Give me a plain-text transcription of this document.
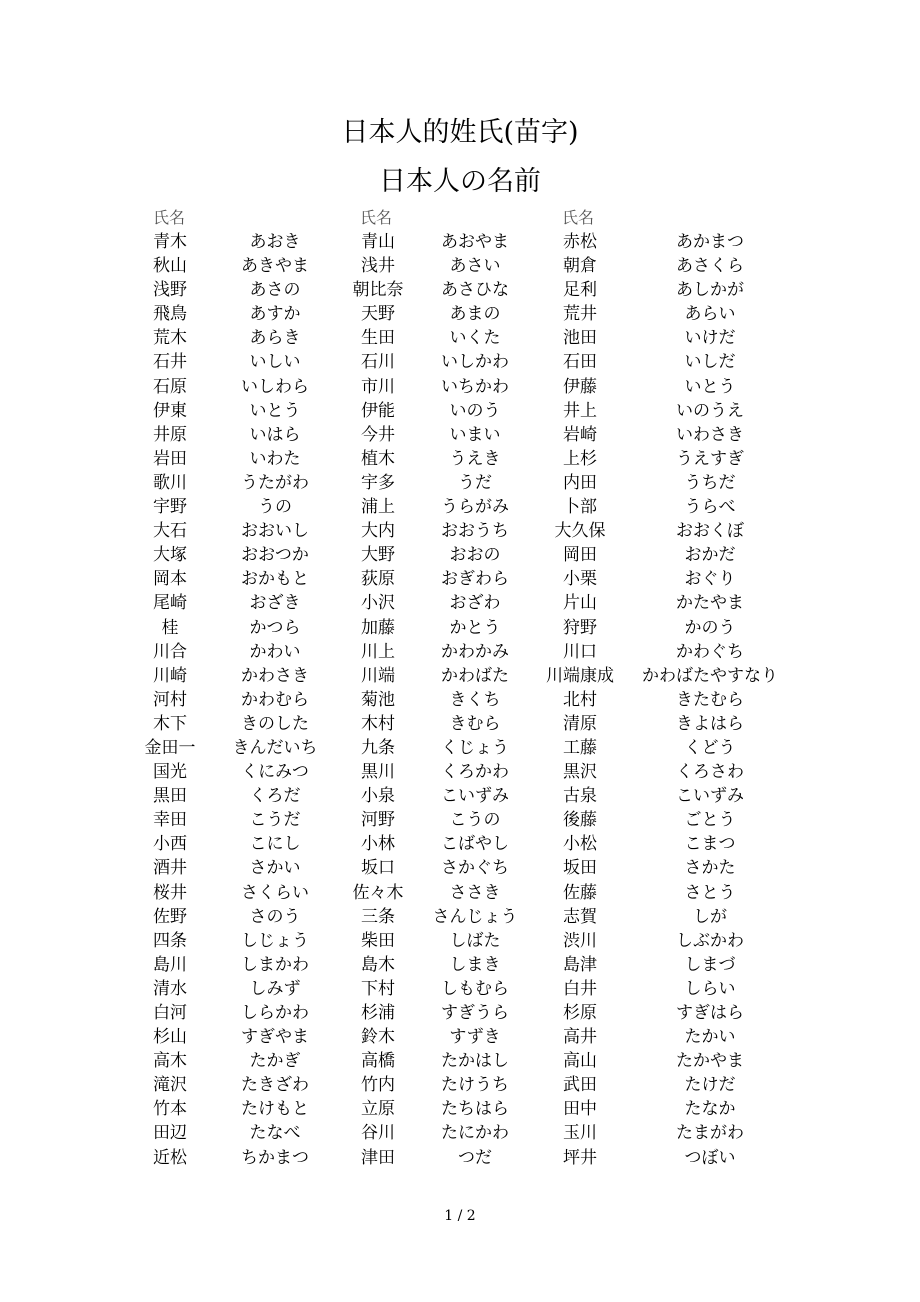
日本人的姓氏(苗字)
日本人の名前
氏名	氏名	氏名
青木	あおき	青山	あおやま	赤松	あかまつ
秋山	あきやま	浅井	あさい	朝倉	あさくら
浅野	あさの	朝比奈	あさひな	足利	あしかが
飛鳥	あすか	天野	あまの	荒井	あらい
荒木	あらき	生田	いくた	池田	いけだ
石井	いしい	石川	いしかわ	石田	いしだ
石原	いしわら	市川	いちかわ	伊藤	いとう
伊東	いとう	伊能	いのう	井上	いのうえ
井原	いはら	今井	いまい	岩崎	いわさき
岩田	いわた	植木	うえき	上杉	うえすぎ
歌川	うたがわ	宇多	うだ	内田	うちだ
宇野	うの	浦上	うらがみ	卜部	うらべ
大石	おおいし	大内	おおうち	大久保	おおくぼ
大塚	おおつか	大野	おおの	岡田	おかだ
岡本	おかもと	荻原	おぎわら	小栗	おぐり
尾崎	おざき	小沢	おざわ	片山	かたやま
桂	かつら	加藤	かとう	狩野	かのう
川合	かわい	川上	かわかみ	川口	かわぐち
川崎	かわさき	川端	かわばた	川端康成	かわばたやすなり
河村	かわむら	菊池	きくち	北村	きたむら
木下	きのした	木村	きむら	清原	きよはら
金田一	きんだいち	九条	くじょう	工藤	くどう
国光	くにみつ	黒川	くろかわ	黒沢	くろさわ
黒田	くろだ	小泉	こいずみ	古泉	こいずみ
幸田	こうだ	河野	こうの	後藤	ごとう
小西	こにし	小林	こばやし	小松	こまつ
酒井	さかい	坂口	さかぐち	坂田	さかた
桜井	さくらい	佐々木	ささき	佐藤	さとう
佐野	さのう	三条	さんじょう	志賀	しが
四条	しじょう	柴田	しばた	渋川	しぶかわ
島川	しまかわ	島木	しまき	島津	しまづ
清水	しみず	下村	しもむら	白井	しらい
白河	しらかわ	杉浦	すぎうら	杉原	すぎはら
杉山	すぎやま	鈴木	すずき	高井	たかい
高木	たかぎ	高橋	たかはし	高山	たかやま
滝沢	たきざわ	竹内	たけうち	武田	たけだ
竹本	たけもと	立原	たちはら	田中	たなか
田辺	たなべ	谷川	たにかわ	玉川	たまがわ
近松	ちかまつ	津田	つだ	坪井	つぼい
1 / 2
